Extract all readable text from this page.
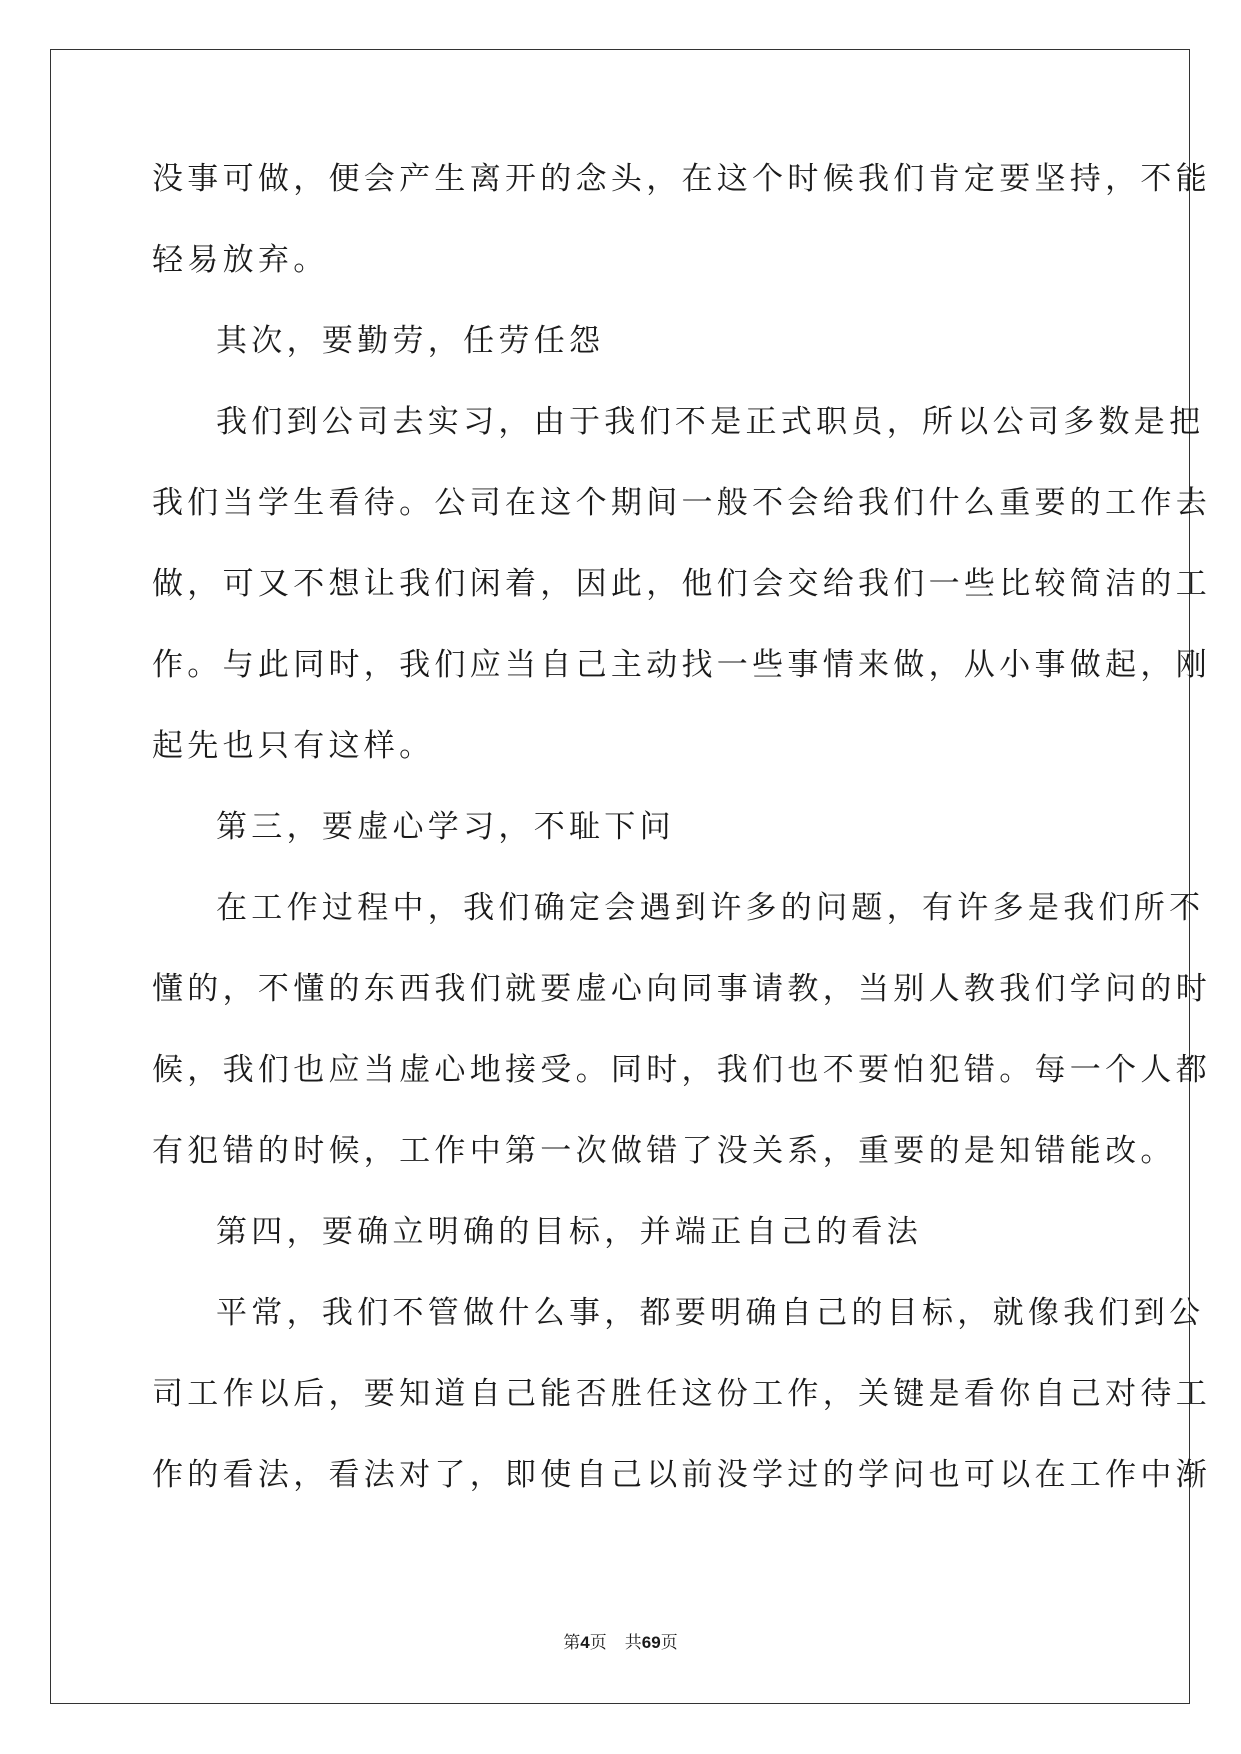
没事可做，便会产生离开的念头，在这个时候我们肯定要坚持，不能
轻易放弃。
其次，要勤劳，任劳任怨
我们到公司去实习，由于我们不是正式职员，所以公司多数是把
我们当学生看待。公司在这个期间一般不会给我们什么重要的工作去
做，可又不想让我们闲着，因此，他们会交给我们一些比较简洁的工
作。与此同时，我们应当自己主动找一些事情来做，从小事做起，刚
起先也只有这样。
第三，要虚心学习，不耻下问
在工作过程中，我们确定会遇到许多的问题，有许多是我们所不
懂的，不懂的东西我们就要虚心向同事请教，当别人教我们学问的时
候，我们也应当虚心地接受。同时，我们也不要怕犯错。每一个人都
有犯错的时候，工作中第一次做错了没关系，重要的是知错能改。
第四，要确立明确的目标，并端正自己的看法
平常，我们不管做什么事，都要明确自己的目标，就像我们到公
司工作以后，要知道自己能否胜任这份工作，关键是看你自己对待工
作的看法，看法对了，即使自己以前没学过的学问也可以在工作中渐
第4页 共69页
